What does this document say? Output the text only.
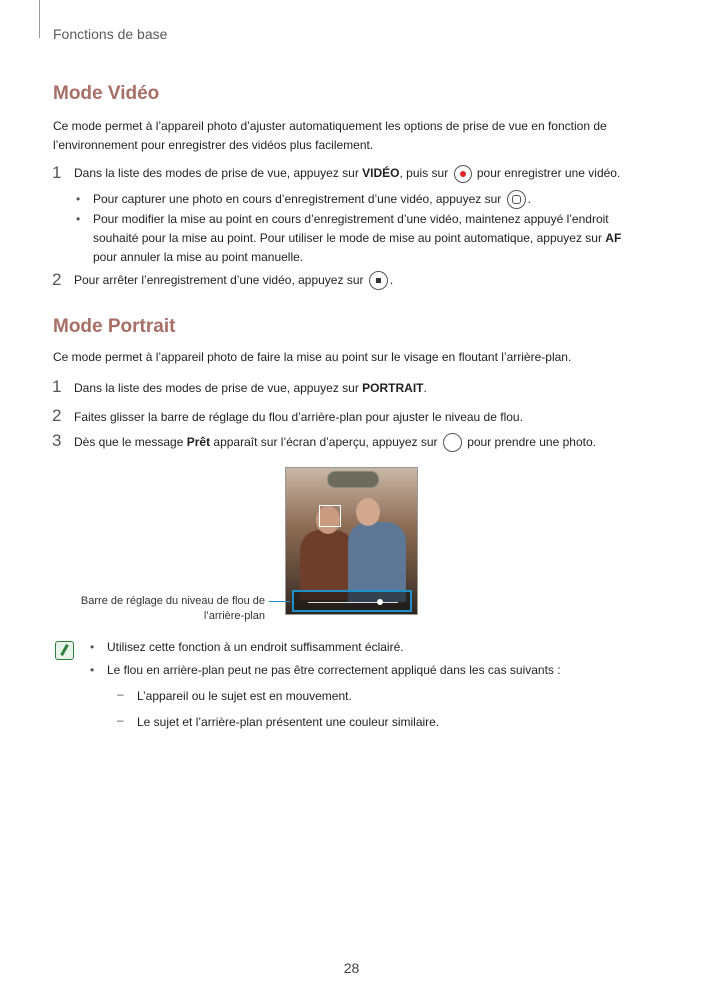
Fonctions de base
Mode Vidéo
Ce mode permet à l’appareil photo d’ajuster automatiquement les options de prise de vue en fonction de l’environnement pour enregistrer des vidéos plus facilement.
1 Dans la liste des modes de prise de vue, appuyez sur VIDÉO, puis sur  pour enregistrer une vidéo.
• Pour capturer une photo en cours d’enregistrement d’une vidéo, appuyez sur .
• Pour modifier la mise au point en cours d’enregistrement d’une vidéo, maintenez appuyé l’endroit souhaité pour la mise au point. Pour utiliser le mode de mise au point automatique, appuyez sur AF pour annuler la mise au point manuelle.
2 Pour arrêter l’enregistrement d’une vidéo, appuyez sur .
Mode Portrait
Ce mode permet à l’appareil photo de faire la mise au point sur le visage en floutant l’arrière-plan.
1 Dans la liste des modes de prise de vue, appuyez sur PORTRAIT.
2 Faites glisser la barre de réglage du flou d’arrière-plan pour ajuster le niveau de flou.
3 Dès que le message Prêt apparaît sur l’écran d’aperçu, appuyez sur  pour prendre une photo.
Barre de réglage du niveau de flou de
l’arrière-plan
• Utilisez cette fonction à un endroit suffisamment éclairé.
• Le flou en arrière-plan peut ne pas être correctement appliqué dans les cas suivants :
– L’appareil ou le sujet est en mouvement.
– Le sujet et l’arrière-plan présentent une couleur similaire.
28
